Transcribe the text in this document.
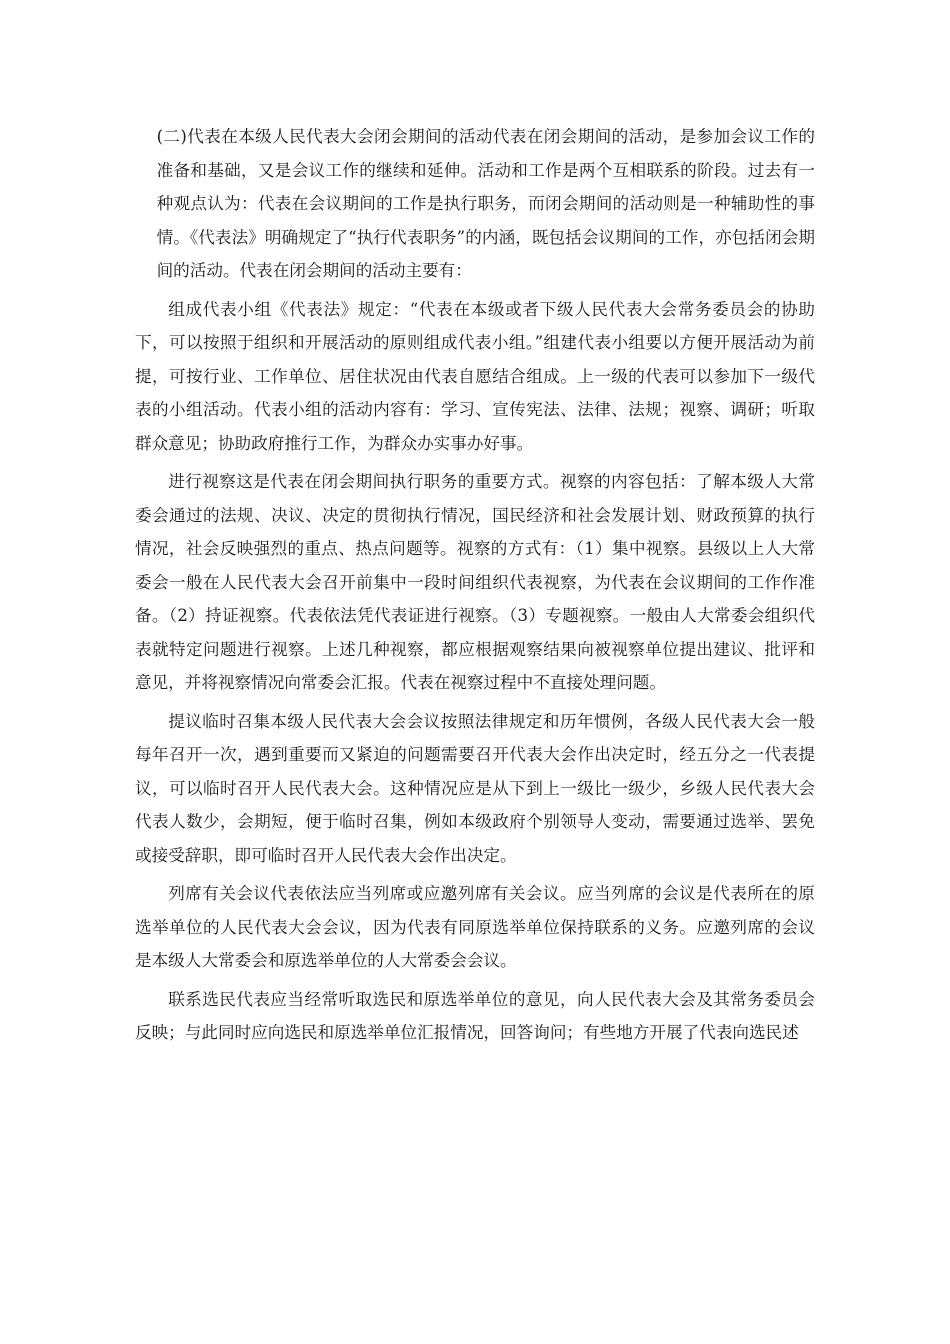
(二)代表在本级人民代表大会闭会期间的活动代表在闭会期间的活动，是参加会议工作的准备和基础，又是会议工作的继续和延伸。活动和工作是两个互相联系的阶段。过去有一种观点认为：代表在会议期间的工作是执行职务，而闭会期间的活动则是一种辅助性的事情。《代表法》明确规定了“执行代表职务”的内涵，既包括会议期间的工作，亦包括闭会期间的活动。代表在闭会期间的活动主要有：

组成代表小组《代表法》规定：“代表在本级或者下级人民代表大会常务委员会的协助下，可以按照于组织和开展活动的原则组成代表小组。”组建代表小组要以方便开展活动为前提，可按行业、工作单位、居住状况由代表自愿结合组成。上一级的代表可以参加下一级代表的小组活动。代表小组的活动内容有：学习、宣传宪法、法律、法规；视察、调研；听取群众意见；协助政府推行工作，为群众办实事办好事。

进行视察这是代表在闭会期间执行职务的重要方式。视察的内容包括：了解本级人大常委会通过的法规、决议、决定的贯彻执行情况，国民经济和社会发展计划、财政预算的执行情况，社会反映强烈的重点、热点问题等。视察的方式有：（1）集中视察。县级以上人大常委会一般在人民代表大会召开前集中一段时间组织代表视察，为代表在会议期间的工作作准备。（2）持证视察。代表依法凭代表证进行视察。（3）专题视察。一般由人大常委会组织代表就特定问题进行视察。上述几种视察，都应根据观察结果向被视察单位提出建议、批评和意见，并将视察情况向常委会汇报。代表在视察过程中不直接处理问题。

提议临时召集本级人民代表大会会议按照法律规定和历年惯例，各级人民代表大会一般每年召开一次，遇到重要而又紧迫的问题需要召开代表大会作出决定时，经五分之一代表提议，可以临时召开人民代表大会。这种情况应是从下到上一级比一级少，乡级人民代表大会代表人数少，会期短，便于临时召集，例如本级政府个别领导人变动，需要通过选举、罢免或接受辞职，即可临时召开人民代表大会作出决定。

列席有关会议代表依法应当列席或应邀列席有关会议。应当列席的会议是代表所在的原选举单位的人民代表大会会议，因为代表有同原选举单位保持联系的义务。应邀列席的会议是本级人大常委会和原选举单位的人大常委会会议。

联系选民代表应当经常听取选民和原选举单位的意见，向人民代表大会及其常务委员会反映；与此同时应向选民和原选举单位汇报情况，回答询问；有些地方开展了代表向选民述
